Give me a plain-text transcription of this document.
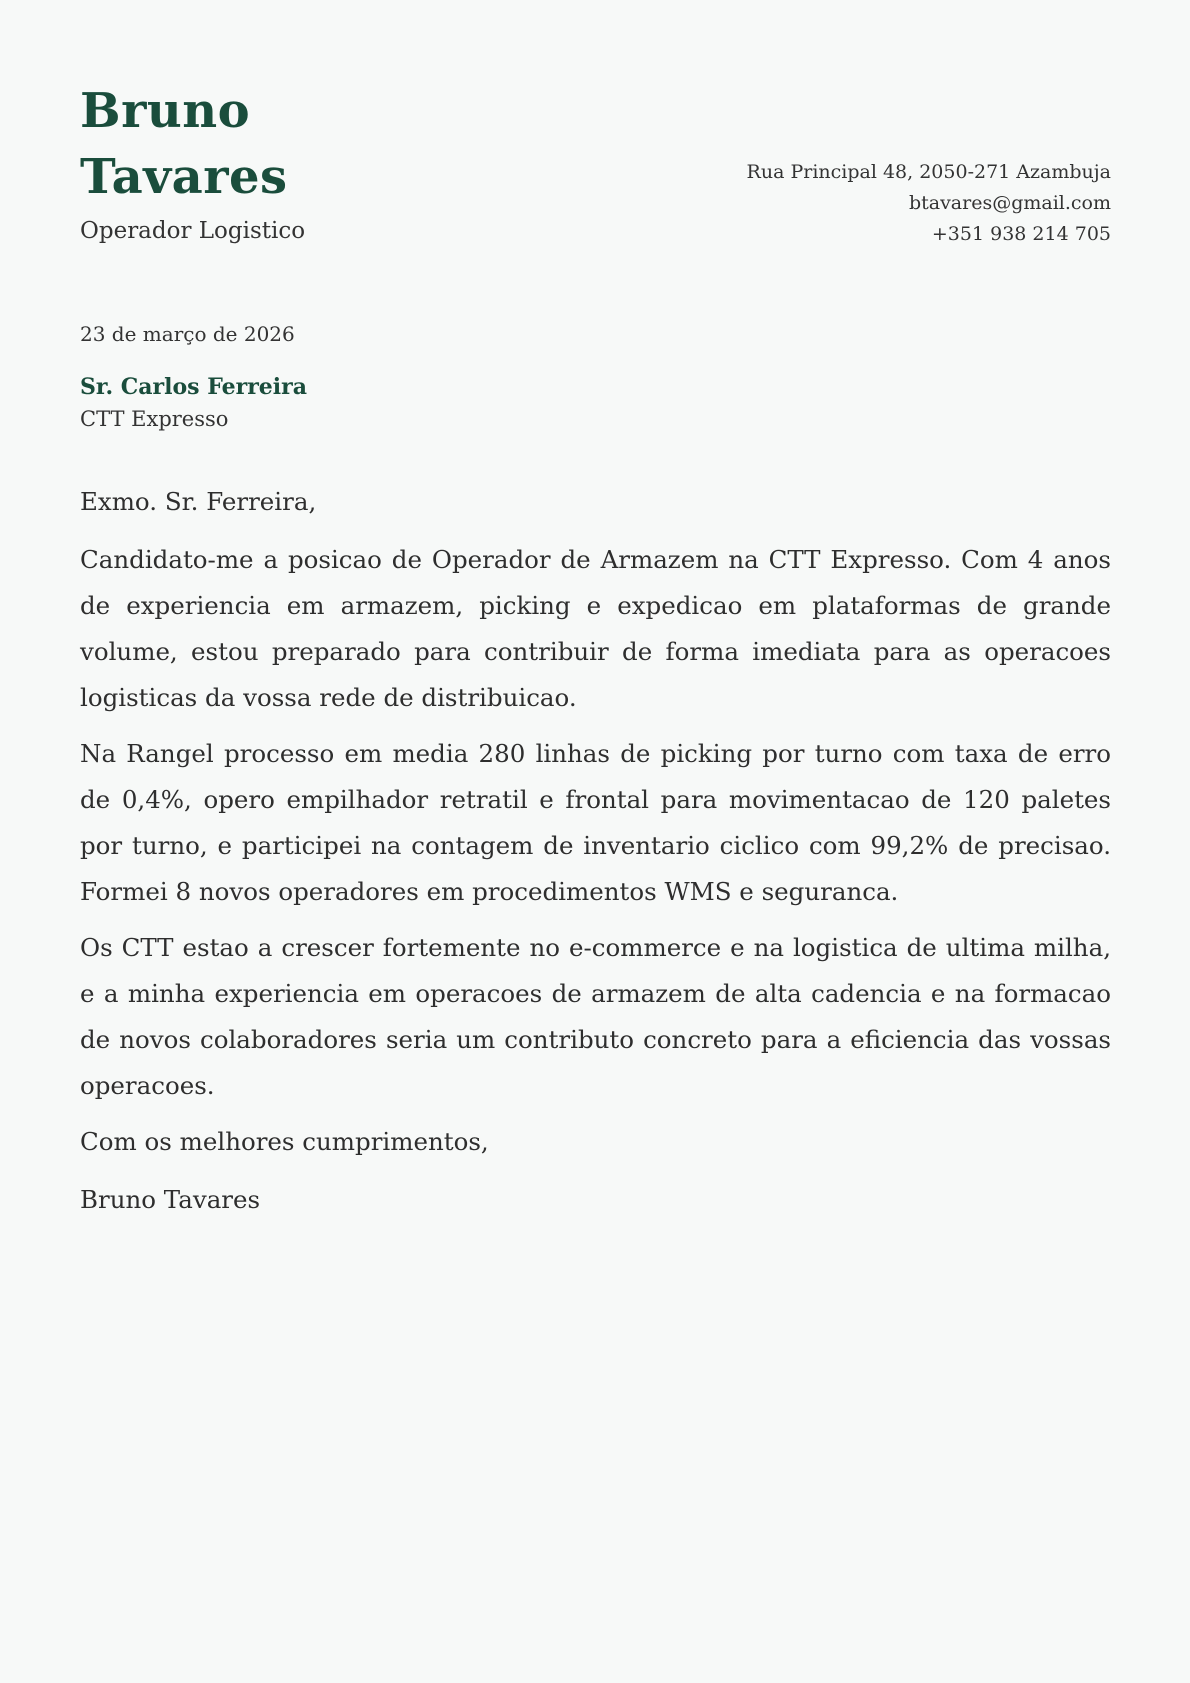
Bruno
Tavares
Operador Logistico
Rua Principal 48, 2050-271 Azambuja
btavares@gmail.com
+351 938 214 705
23 de março de 2026
Sr. Carlos Ferreira
CTT Expresso

Exmo. Sr. Ferreira,

Candidato-me a posicao de Operador de Armazem na CTT Expresso. Com 4 anos de experiencia em armazem, picking e expedicao em plataformas de grande volume, estou preparado para contribuir de forma imediata para as operacoes logisticas da vossa rede de distribuicao.

Na Rangel processo em media 280 linhas de picking por turno com taxa de erro de 0,4%, opero empilhador retratil e frontal para movimentacao de 120 paletes por turno, e participei na contagem de inventario ciclico com 99,2% de precisao. Formei 8 novos operadores em procedimentos WMS e seguranca.

Os CTT estao a crescer fortemente no e-commerce e na logistica de ultima milha, e a minha experiencia em operacoes de armazem de alta cadencia e na formacao de novos colaboradores seria um contributo concreto para a eficiencia das vossas operacoes.

Com os melhores cumprimentos,

Bruno Tavares
